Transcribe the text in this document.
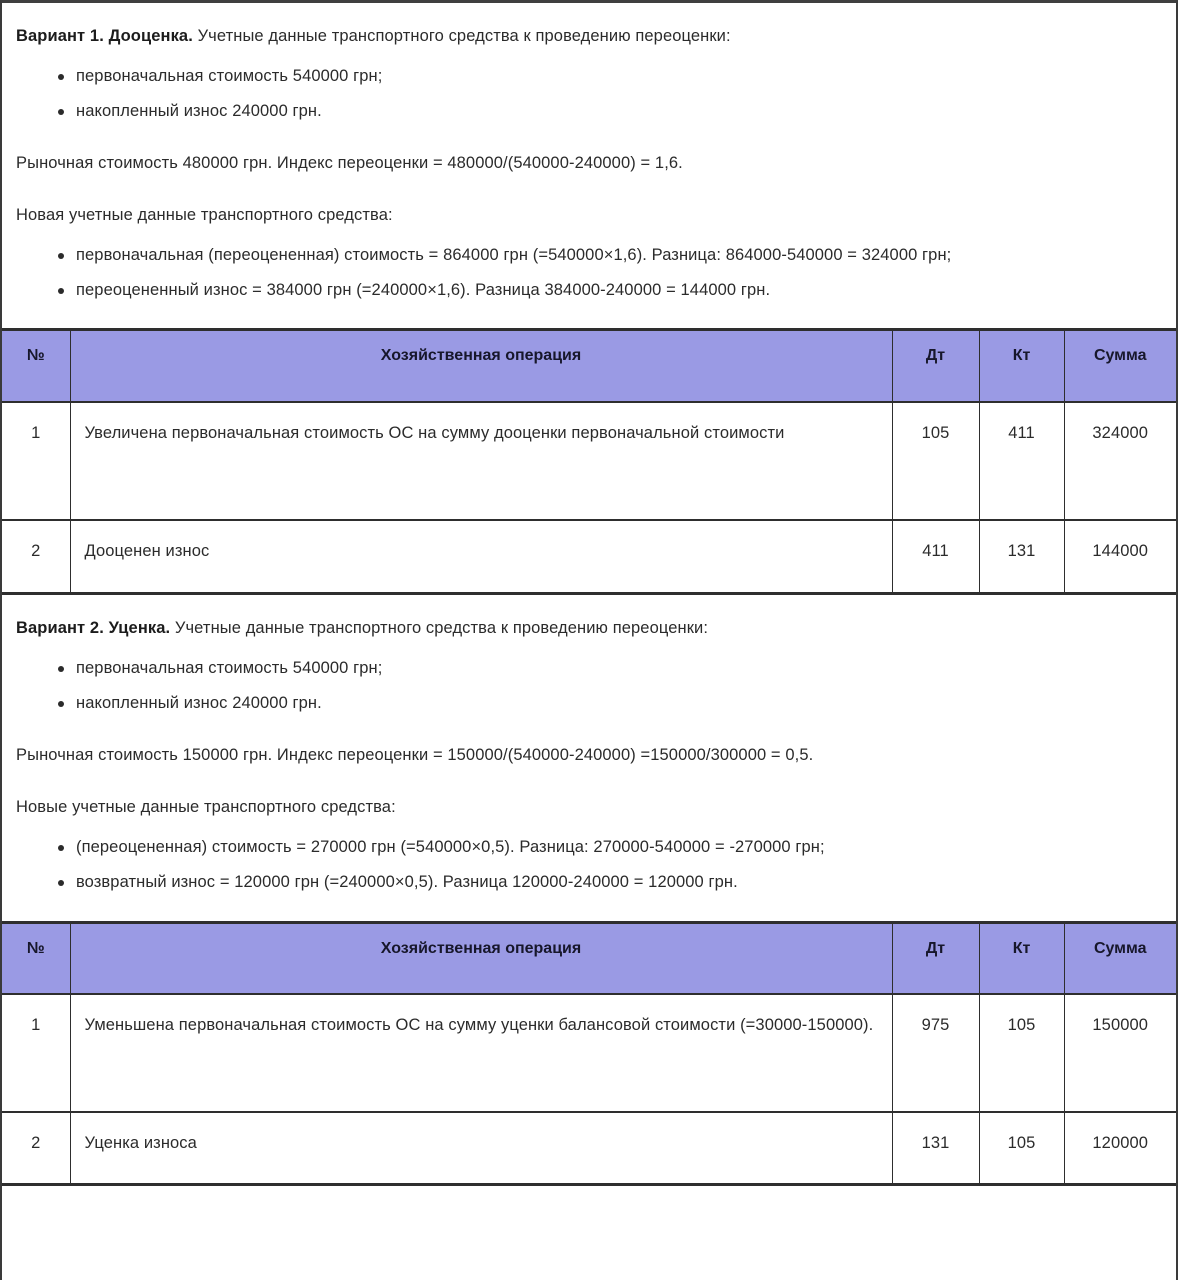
Вариант 1. Дооценка. Учетные данные транспортного средства к проведению переоценки:

первоначальная стоимость 540000 грн;
накопленный износ 240000 грн.

Рыночная стоимость 480000 грн. Индекс переоценки = 480000/(540000-240000) = 1,6.

Новая учетные данные транспортного средства:

первоначальная (переоцененная) стоимость = 864000 грн (=540000×1,6). Разница: 864000-540000 = 324000 грн;
переоцененный износ = 384000 грн (=240000×1,6). Разница 384000-240000 = 144000 грн.
№	Хозяйственная операция	Дт	Кт	Сумма
1	Увеличена первоначальная стоимость ОС на сумму дооценки первоначальной стоимости	105	411	324000
2	Дооценен износ	411	131	144000

Вариант 2. Уценка. Учетные данные транспортного средства к проведению переоценки:

первоначальная стоимость 540000 грн;
накопленный износ 240000 грн.

Рыночная стоимость 150000 грн. Индекс переоценки = 150000/(540000-240000) =150000/300000 = 0,5.

Новые учетные данные транспортного средства:

(переоцененная) стоимость = 270000 грн (=540000×0,5). Разница: 270000-540000 = -270000 грн;
возвратный износ = 120000 грн (=240000×0,5). Разница 120000-240000 = 120000 грн.
№	Хозяйственная операция	Дт	Кт	Сумма
1	Уменьшена первоначальная стоимость ОС на сумму уценки балансовой стоимости (=30000-150000).	975	105	150000
2	Уценка износа	131	105	120000
